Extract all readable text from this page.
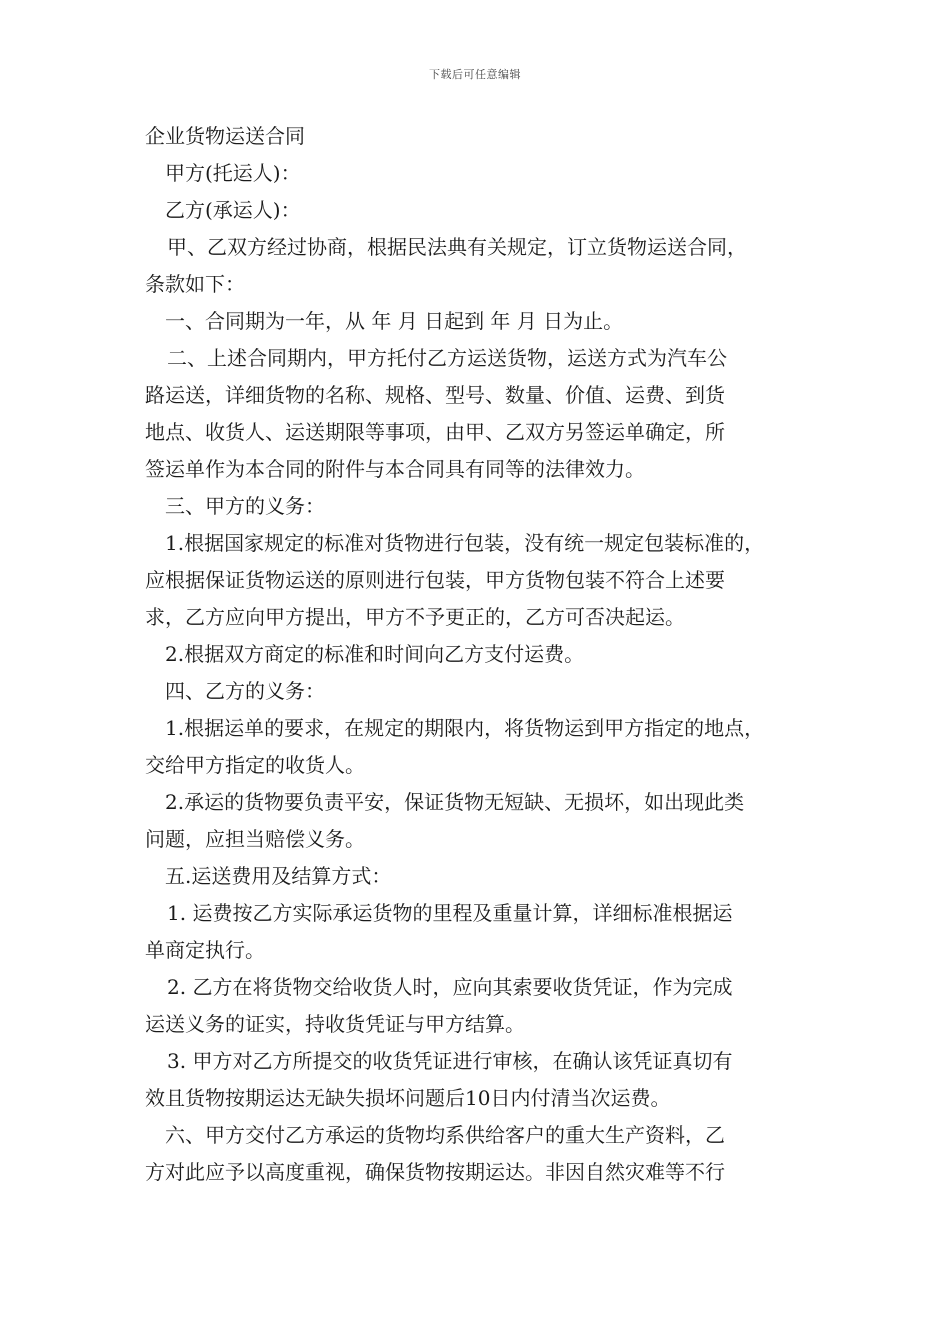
下载后可任意编辑

企业货物运送合同

甲方(托运人)：

乙方(承运人)：

甲、乙双方经过协商，根据民法典有关规定，订立货物运送合同，

条款如下：

一、合同期为一年，从 年 月 日起到 年 月 日为止。

二、上述合同期内，甲方托付乙方运送货物，运送方式为汽车公

路运送，详细货物的名称、规格、型号、数量、价值、运费、到货

地点、收货人、运送期限等事项，由甲、乙双方另签运单确定，所

签运单作为本合同的附件与本合同具有同等的法律效力。

三、甲方的义务：

1.根据国家规定的标准对货物进行包装，没有统一规定包装标准的，

应根据保证货物运送的原则进行包装，甲方货物包装不符合上述要

求，乙方应向甲方提出，甲方不予更正的，乙方可否决起运。

2.根据双方商定的标准和时间向乙方支付运费。

四、乙方的义务：

1.根据运单的要求，在规定的期限内，将货物运到甲方指定的地点，

交给甲方指定的收货人。

2.承运的货物要负责平安，保证货物无短缺、无损坏，如出现此类

问题，应担当赔偿义务。

五.运送费用及结算方式：

1. 运费按乙方实际承运货物的里程及重量计算，详细标准根据运

单商定执行。

2. 乙方在将货物交给收货人时，应向其索要收货凭证，作为完成

运送义务的证实，持收货凭证与甲方结算。

3. 甲方对乙方所提交的收货凭证进行审核，在确认该凭证真切有

效且货物按期运达无缺失损坏问题后10日内付清当次运费。

六、甲方交付乙方承运的货物均系供给客户的重大生产资料，乙

方对此应予以高度重视，确保货物按期运达。非因自然灾难等不行
